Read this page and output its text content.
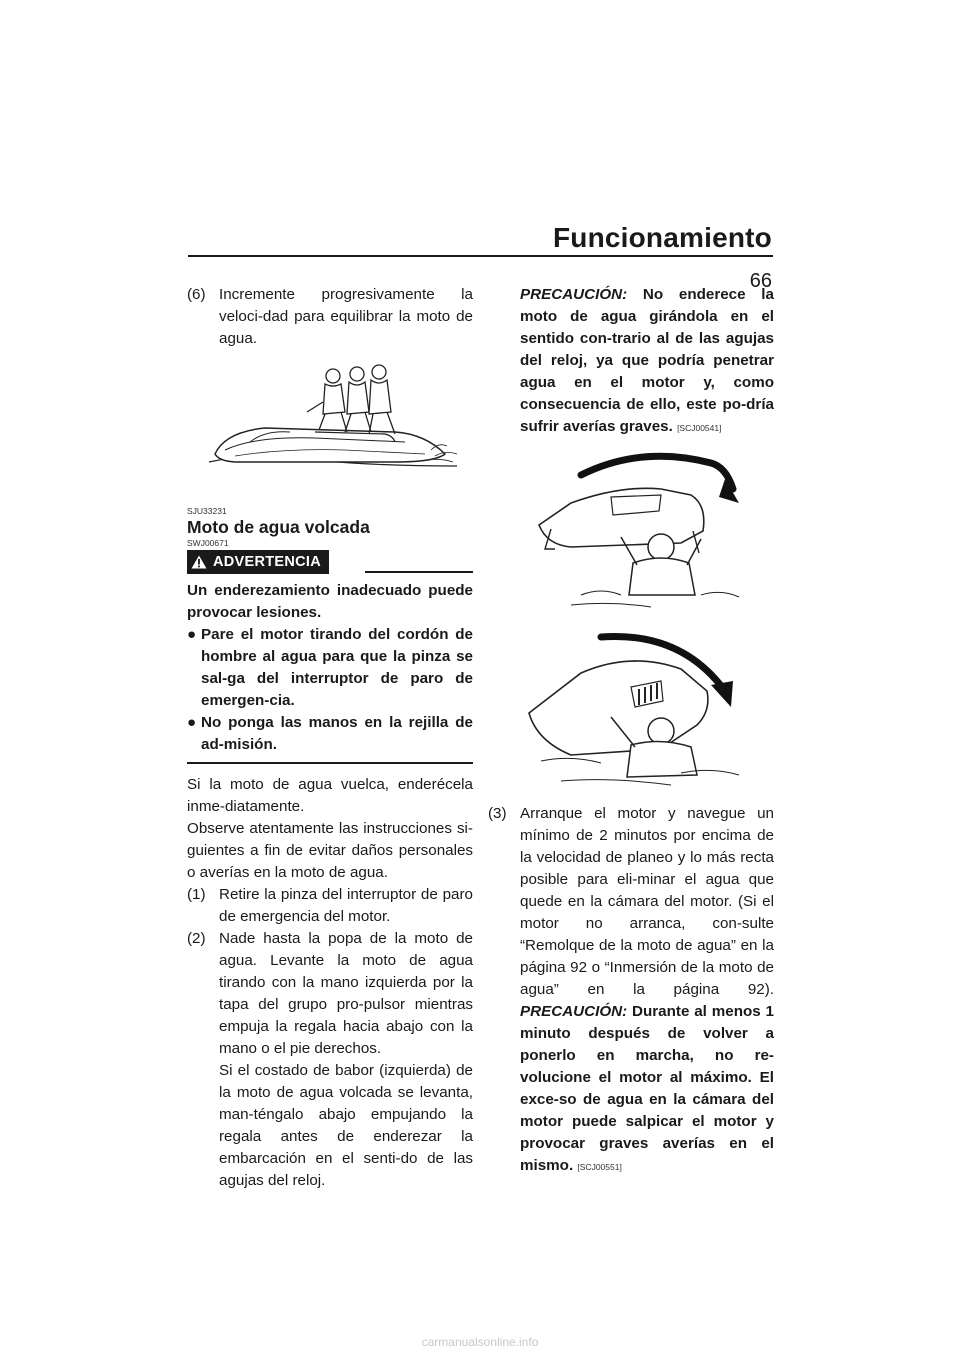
Funcionamiento
66
(6) Incremente progresivamente la veloci-dad para equilibrar la moto de agua.

SJU33231
Moto de agua volcada
SWJ00671
ADVERTENCIA

Un enderezamiento inadecuado puede provocar lesiones.

● Pare el motor tirando del cordón de hombre al agua para que la pinza se sal-ga del interruptor de paro de emergen-cia.
● No ponga las manos en la rejilla de ad-misión.

Si la moto de agua vuelca, enderécela inme-diatamente.

Observe atentamente las instrucciones si-guientes a fin de evitar daños personales o averías en la moto de agua.

(1) Retire la pinza del interruptor de paro de emergencia del motor.

(2) Nade hasta la popa de la moto de agua. Levante la moto de agua tirando con la mano izquierda por la tapa del grupo pro-pulsor mientras empuja la regala hacia abajo con la mano o el pie derechos.

Si el costado de babor (izquierda) de la moto de agua volcada se levanta, man-téngalo abajo empujando la regala antes de enderezar la embarcación en el senti-do de las agujas del reloj.

PRECAUCIÓN: No enderece la moto de agua girándola en el sentido con-trario al de las agujas del reloj, ya que podría penetrar agua en el motor y, como consecuencia de ello, este po-dría sufrir averías graves. [SCJ00541]

(3) Arranque el motor y navegue un mínimo de 2 minutos por encima de la velocidad de planeo y lo más recta posible para eli-minar el agua que quede en la cámara del motor. (Si el motor no arranca, con-sulte “Remolque de la moto de agua” en la página 92 o “Inmersión de la moto de agua” en la página 92). PRECAUCIÓN: Durante al menos 1 minuto después de volver a ponerlo en marcha, no re-volucione el motor al máximo. El exce-so de agua en la cámara del motor puede salpicar el motor y provocar graves averías en el mismo. [SCJ00551]

carmanualsonline.info
